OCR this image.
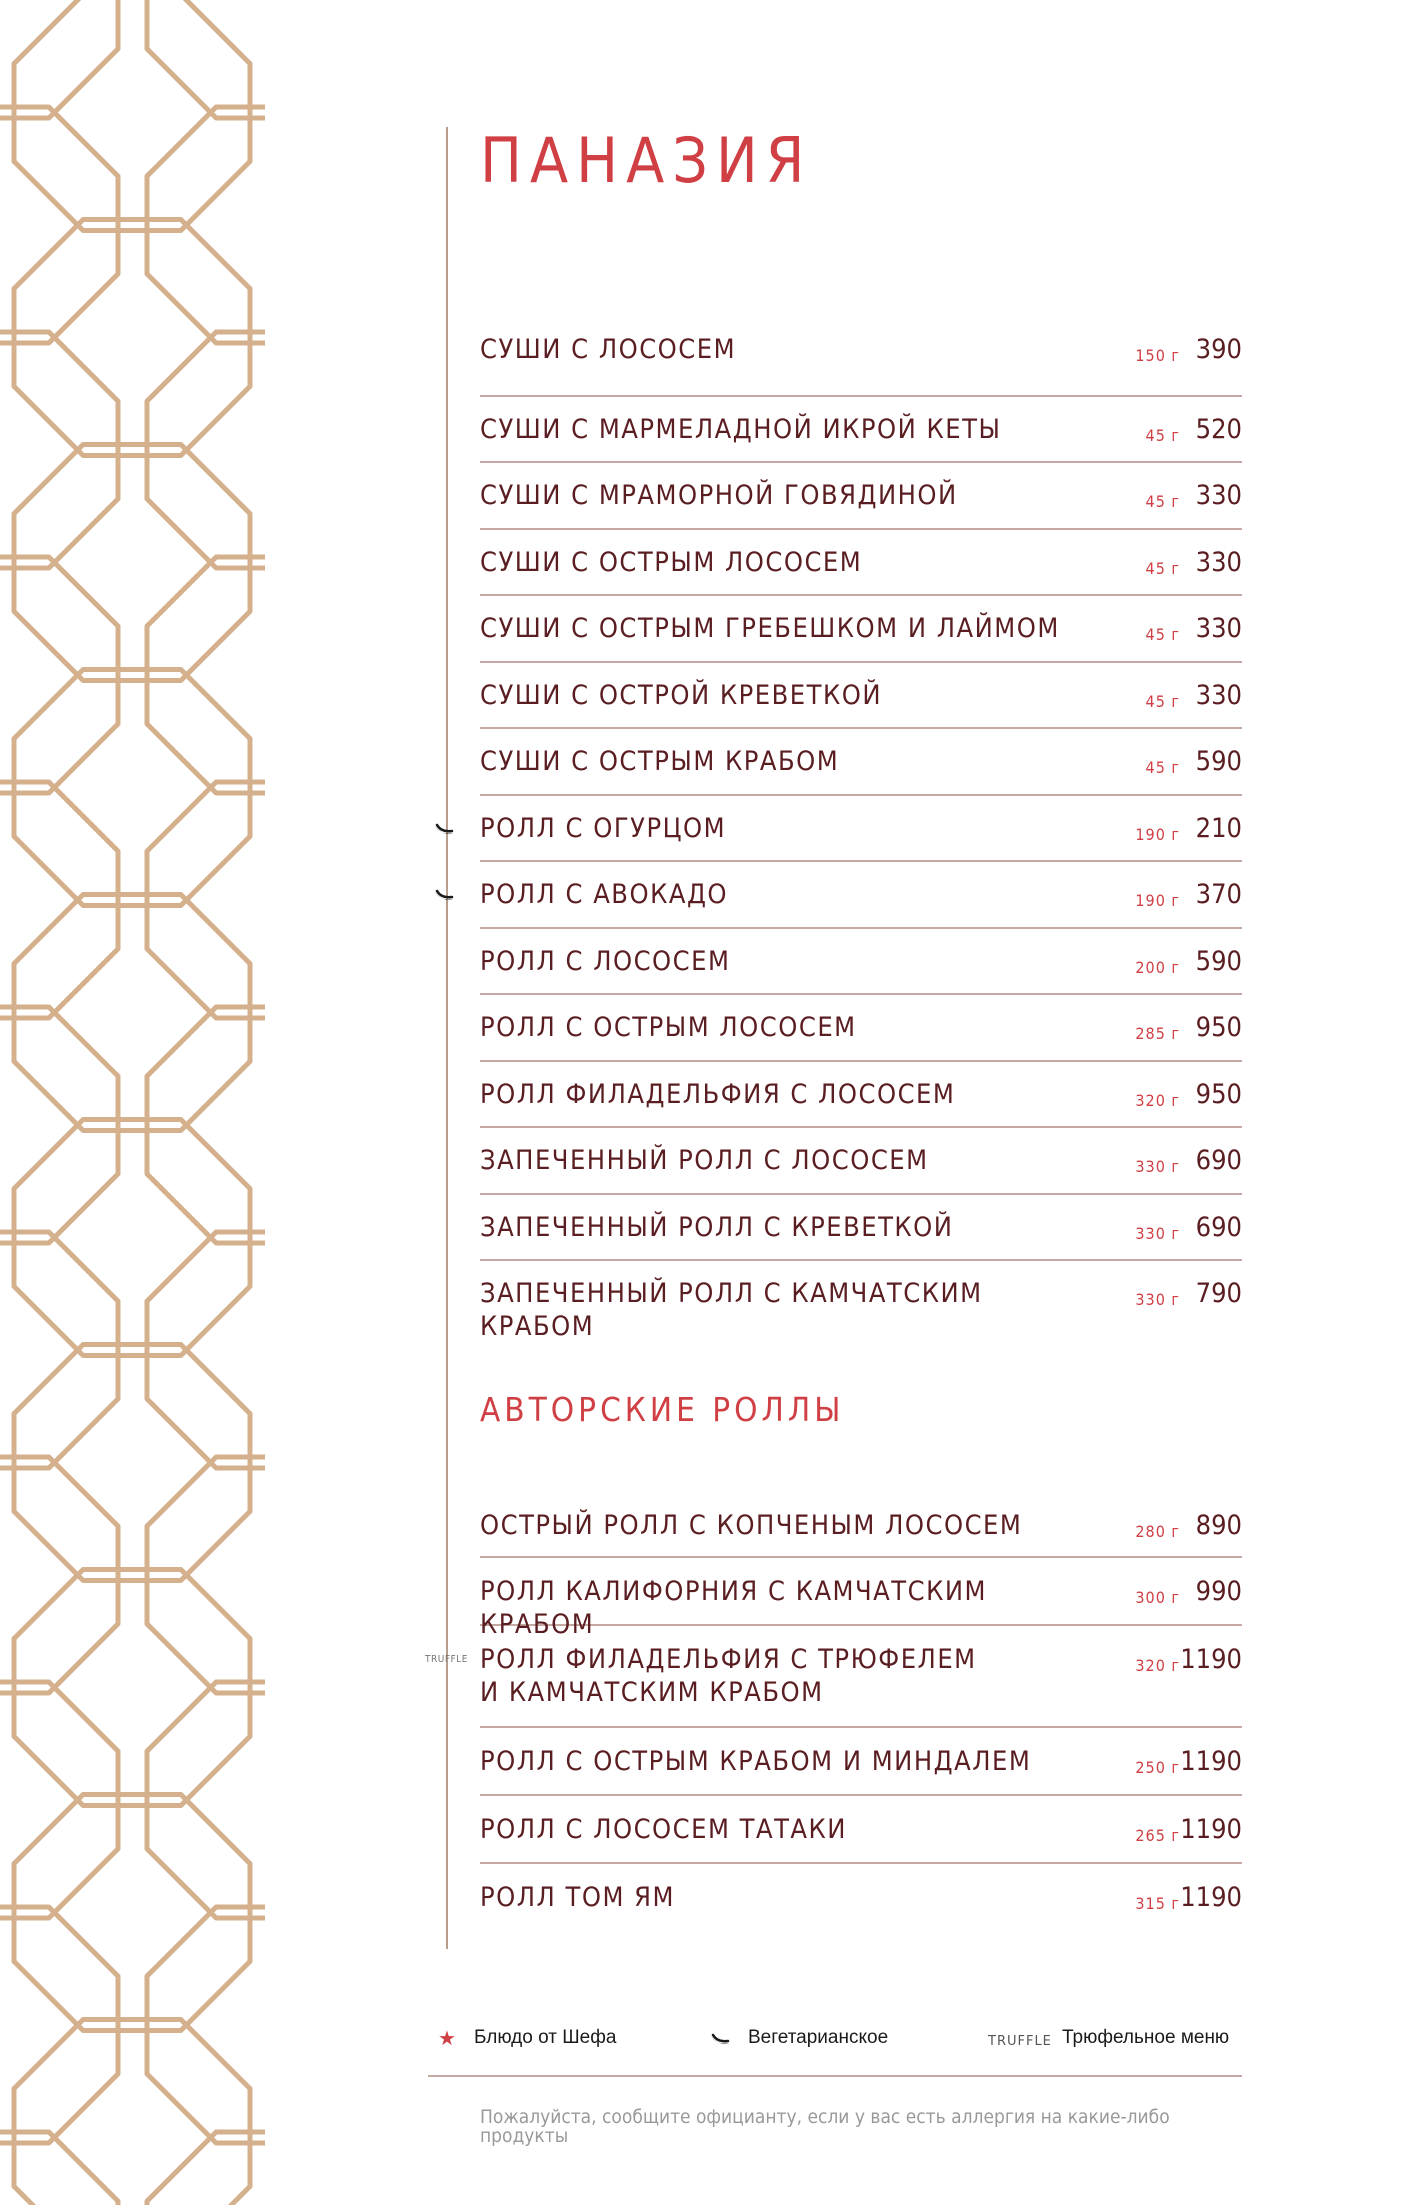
ПАНАЗИЯ
СУШИ С ЛОСОСЕМ	150 г 390
СУШИ С МАРМЕЛАДНОЙ ИКРОЙ КЕТЫ	45 г 520
СУШИ С МРАМОРНОЙ ГОВЯДИНОЙ	45 г 330
СУШИ С ОСТРЫМ ЛОСОСЕМ	45 г 330
СУШИ С ОСТРЫМ ГРЕБЕШКОМ И ЛАЙМОМ	45 г 330
СУШИ С ОСТРОЙ КРЕВЕТКОЙ	45 г 330
СУШИ С ОСТРЫМ КРАБОМ	45 г 590
РОЛЛ С ОГУРЦОМ	190 г 210
РОЛЛ С АВОКАДО	190 г 370
РОЛЛ С ЛОСОСЕМ	200 г 590
РОЛЛ С ОСТРЫМ ЛОСОСЕМ	285 г 950
РОЛЛ ФИЛАДЕЛЬФИЯ С ЛОСОСЕМ	320 г 950
ЗАПЕЧЕННЫЙ РОЛЛ С ЛОСОСЕМ	330 г 690
ЗАПЕЧЕННЫЙ РОЛЛ С КРЕВЕТКОЙ	330 г 690
ЗАПЕЧЕННЫЙ РОЛЛ С КАМЧАТСКИМ КРАБОМ
330 г 790
АВТОРСКИЕ РОЛЛЫ
ОСТРЫЙ РОЛЛ С КОПЧЕНЫМ ЛОСОСЕМ	280 г 890
РОЛЛ КАЛИФОРНИЯ С КАМЧАТСКИМ КРАБОМ
300 г 990
TRUFFLE РОЛЛ ФИЛАДЕЛЬФИЯ С ТРЮФЕЛЕМ
И КАМЧАТСКИМ КРАБОМ
320 г 1190
РОЛЛ С ОСТРЫМ КРАБОМ И МИНДАЛЕМ	250 г 1190
РОЛЛ С ЛОСОСЕМ ТАТАКИ	265 г 1190
РОЛЛ ТОМ ЯМ	315 г 1190
★ Блюдо от Шефа	Вегетарианское	TRUFFLE Трюфельное меню
Пожалуйста, сообщите официанту, если у вас есть аллергия на какие-либо продукты
